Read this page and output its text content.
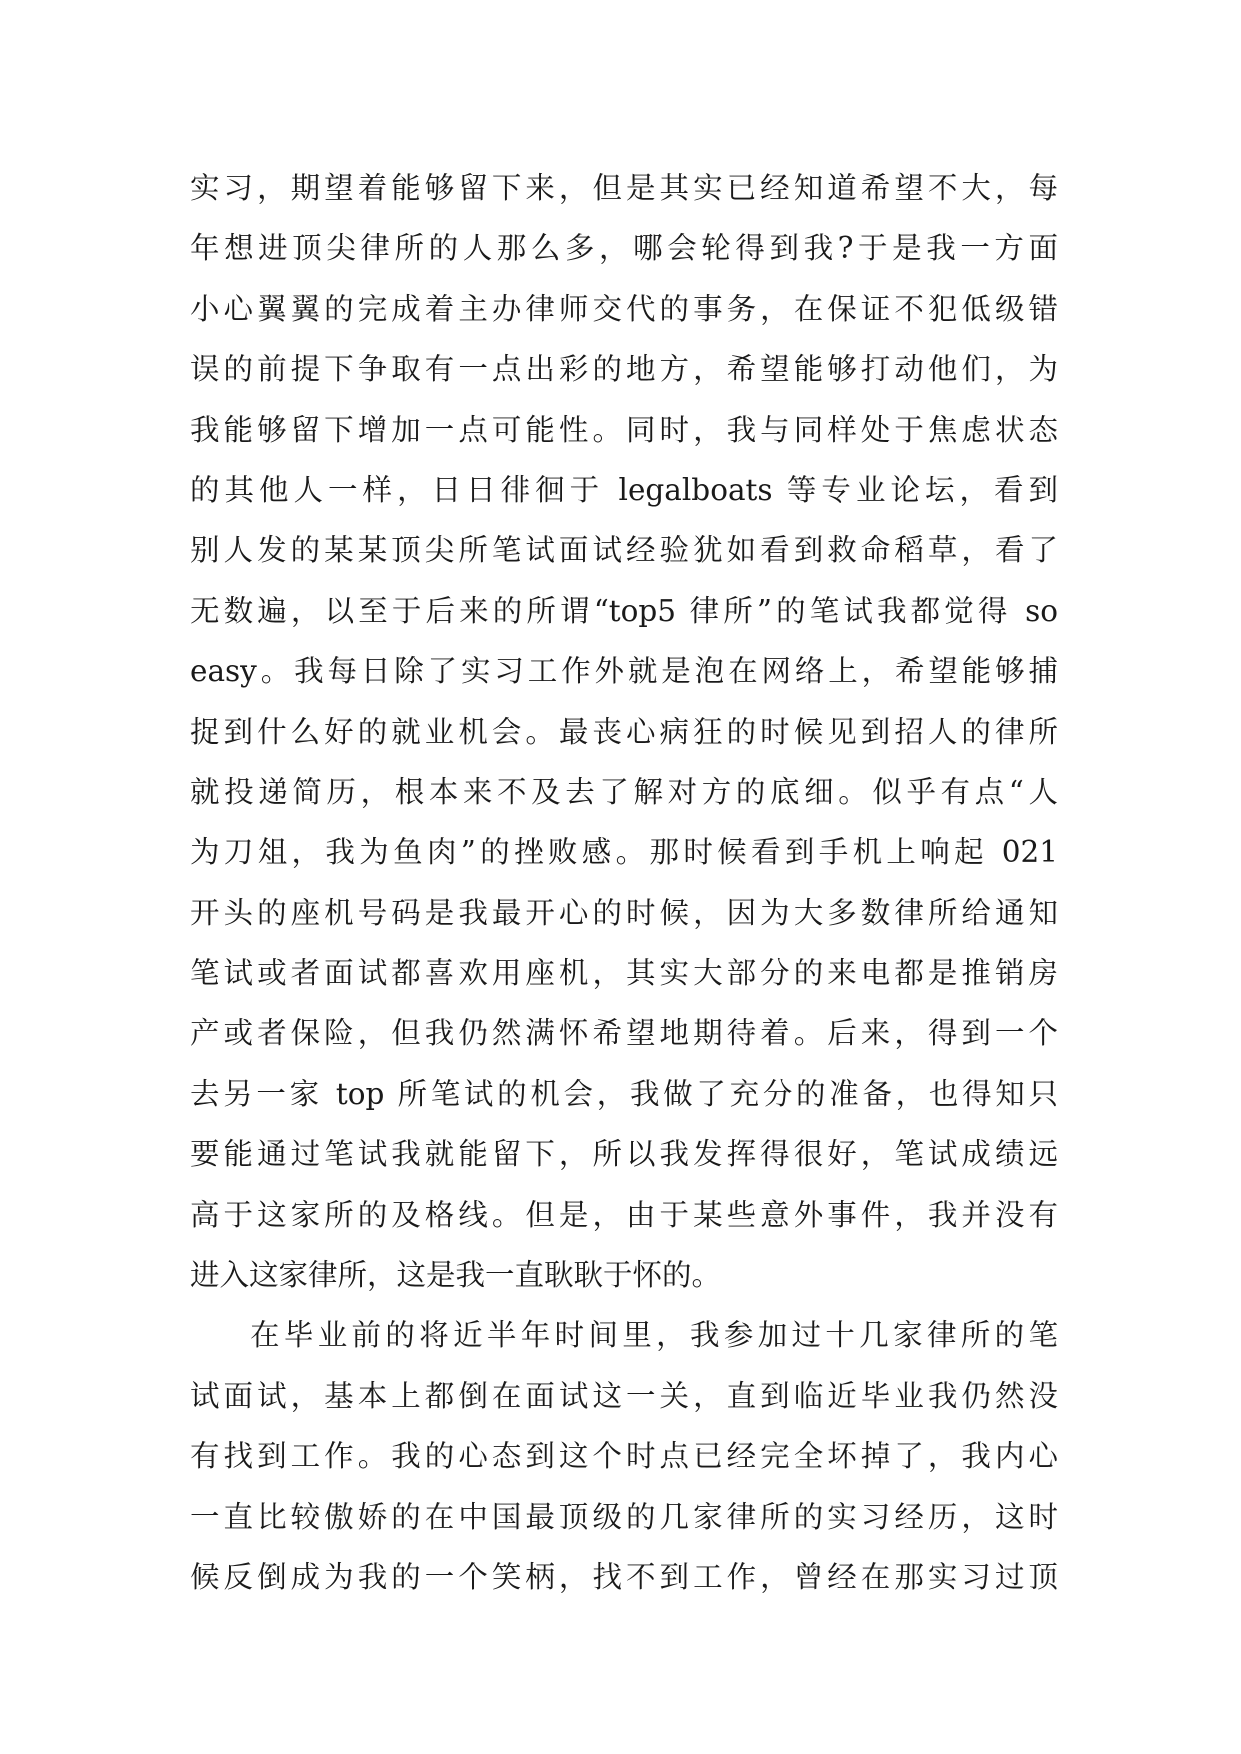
实习，期望着能够留下来，但是其实已经知道希望不大，每
年想进顶尖律所的人那么多，哪会轮得到我?于是我一方面
小心翼翼的完成着主办律师交代的事务，在保证不犯低级错
误的前提下争取有一点出彩的地方，希望能够打动他们，为
我能够留下增加一点可能性。同时，我与同样处于焦虑状态
的其他人一样，日日徘徊于 legalboats 等专业论坛，看到
别人发的某某顶尖所笔试面试经验犹如看到救命稻草，看了
无数遍，以至于后来的所谓“top5 律所”的笔试我都觉得 so
easy。我每日除了实习工作外就是泡在网络上，希望能够捕
捉到什么好的就业机会。最丧心病狂的时候见到招人的律所
就投递简历，根本来不及去了解对方的底细。似乎有点“人
为刀俎，我为鱼肉”的挫败感。那时候看到手机上响起 021
开头的座机号码是我最开心的时候，因为大多数律所给通知
笔试或者面试都喜欢用座机，其实大部分的来电都是推销房
产或者保险，但我仍然满怀希望地期待着。后来，得到一个
去另一家 top 所笔试的机会，我做了充分的准备，也得知只
要能通过笔试我就能留下，所以我发挥得很好，笔试成绩远
高于这家所的及格线。但是，由于某些意外事件，我并没有
进入这家律所，这是我一直耿耿于怀的。
在毕业前的将近半年时间里，我参加过十几家律所的笔
试面试，基本上都倒在面试这一关，直到临近毕业我仍然没
有找到工作。我的心态到这个时点已经完全坏掉了，我内心
一直比较傲娇的在中国最顶级的几家律所的实习经历，这时
候反倒成为我的一个笑柄，找不到工作，曾经在那实习过顶
